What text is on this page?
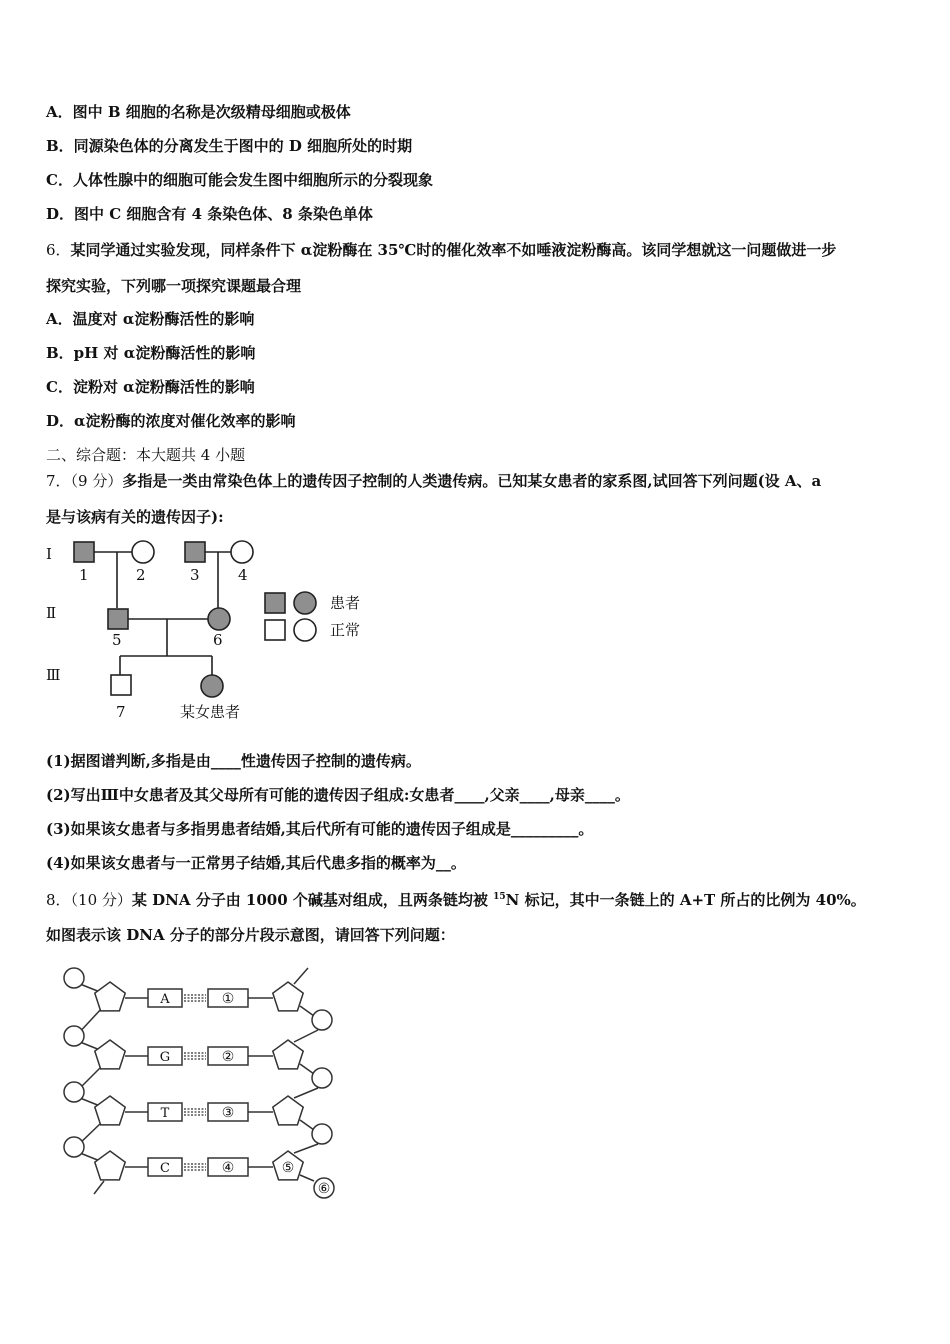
A．图中 B 细胞的名称是次级精母细胞或极体
B．同源染色体的分离发生于图中的 D 细胞所处的时期
C．人体性腺中的细胞可能会发生图中细胞所示的分裂现象
D．图中 C 细胞含有 4 条染色体、8 条染色单体
6．某同学通过实验发现，同样条件下 α淀粉酶在 35℃时的催化效率不如唾液淀粉酶高。该同学想就这一问题做进一步
探究实验，下列哪一项探究课题最合理
A．温度对 α淀粉酶活性的影响
B．pH 对 α淀粉酶活性的影响
C．淀粉对 α淀粉酶活性的影响
D．α淀粉酶的浓度对催化效率的影响
二、综合题：本大题共 4 小题
7．（9 分）多指是一类由常染色体上的遗传因子控制的人类遗传病。已知某女患者的家系图,试回答下列问题(设 A、a
是与该病有关的遗传因子):
Ⅰ
Ⅱ
Ⅲ
1	2	3	4
5	6
7	某女患者
患者
正常
(1)据图谱判断,多指是由____性遗传因子控制的遗传病。
(2)写出Ⅲ中女患者及其父母所有可能的遗传因子组成:女患者____,父亲____,母亲____。
(3)如果该女患者与多指男患者结婚,其后代所有可能的遗传因子组成是_________。
(4)如果该女患者与一正常男子结婚,其后代患多指的概率为__。
8．（10 分）某 DNA 分子由 1000 个碱基对组成，且两条链均被 $^{15}$N 标记，其中一条链上的 A+T 所占的比例为 40%。
如图表示该 DNA 分子的部分片段示意图，请回答下列问题：
A	①
G	②
T	③
C	④	⑤
⑥
